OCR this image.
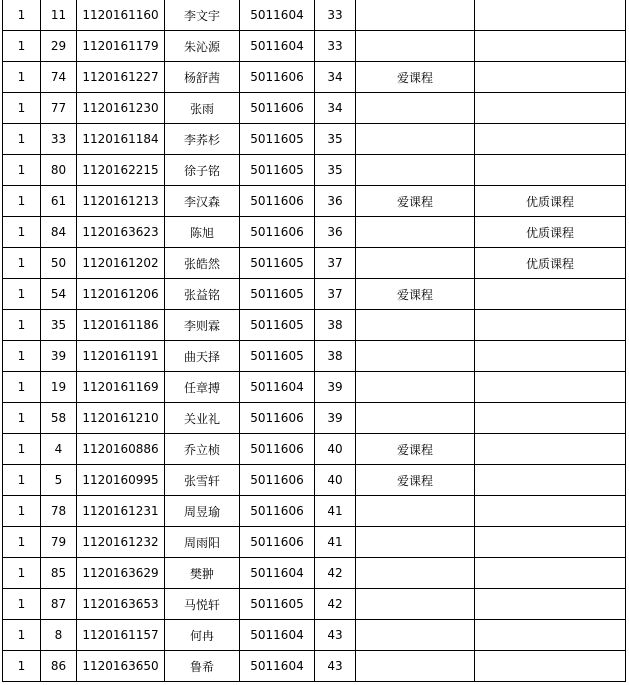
1	11	1120161160	李文宇	5011604	33		
1	29	1120161179	朱沁源	5011604	33		
1	74	1120161227	杨舒茜	5011606	34	爱课程	
1	77	1120161230	张雨	5011606	34		
1	33	1120161184	李荞杉	5011605	35		
1	80	1120162215	徐子铭	5011605	35		
1	61	1120161213	李汉森	5011606	36	爱课程	优质课程
1	84	1120163623	陈旭	5011606	36		优质课程
1	50	1120161202	张皓然	5011605	37		优质课程
1	54	1120161206	张益铭	5011605	37	爱课程	
1	35	1120161186	李则霖	5011605	38		
1	39	1120161191	曲天择	5011605	38		
1	19	1120161169	任章搏	5011604	39		
1	58	1120161210	关业礼	5011606	39		
1	4	1120160886	乔立桢	5011606	40	爱课程	
1	5	1120160995	张雪轩	5011606	40	爱课程	
1	78	1120161231	周昱瑜	5011606	41		
1	79	1120161232	周雨阳	5011606	41		
1	85	1120163629	樊翀	5011604	42		
1	87	1120163653	马悦轩	5011605	42		
1	8	1120161157	何冉	5011604	43		
1	86	1120163650	鲁希	5011604	43		
